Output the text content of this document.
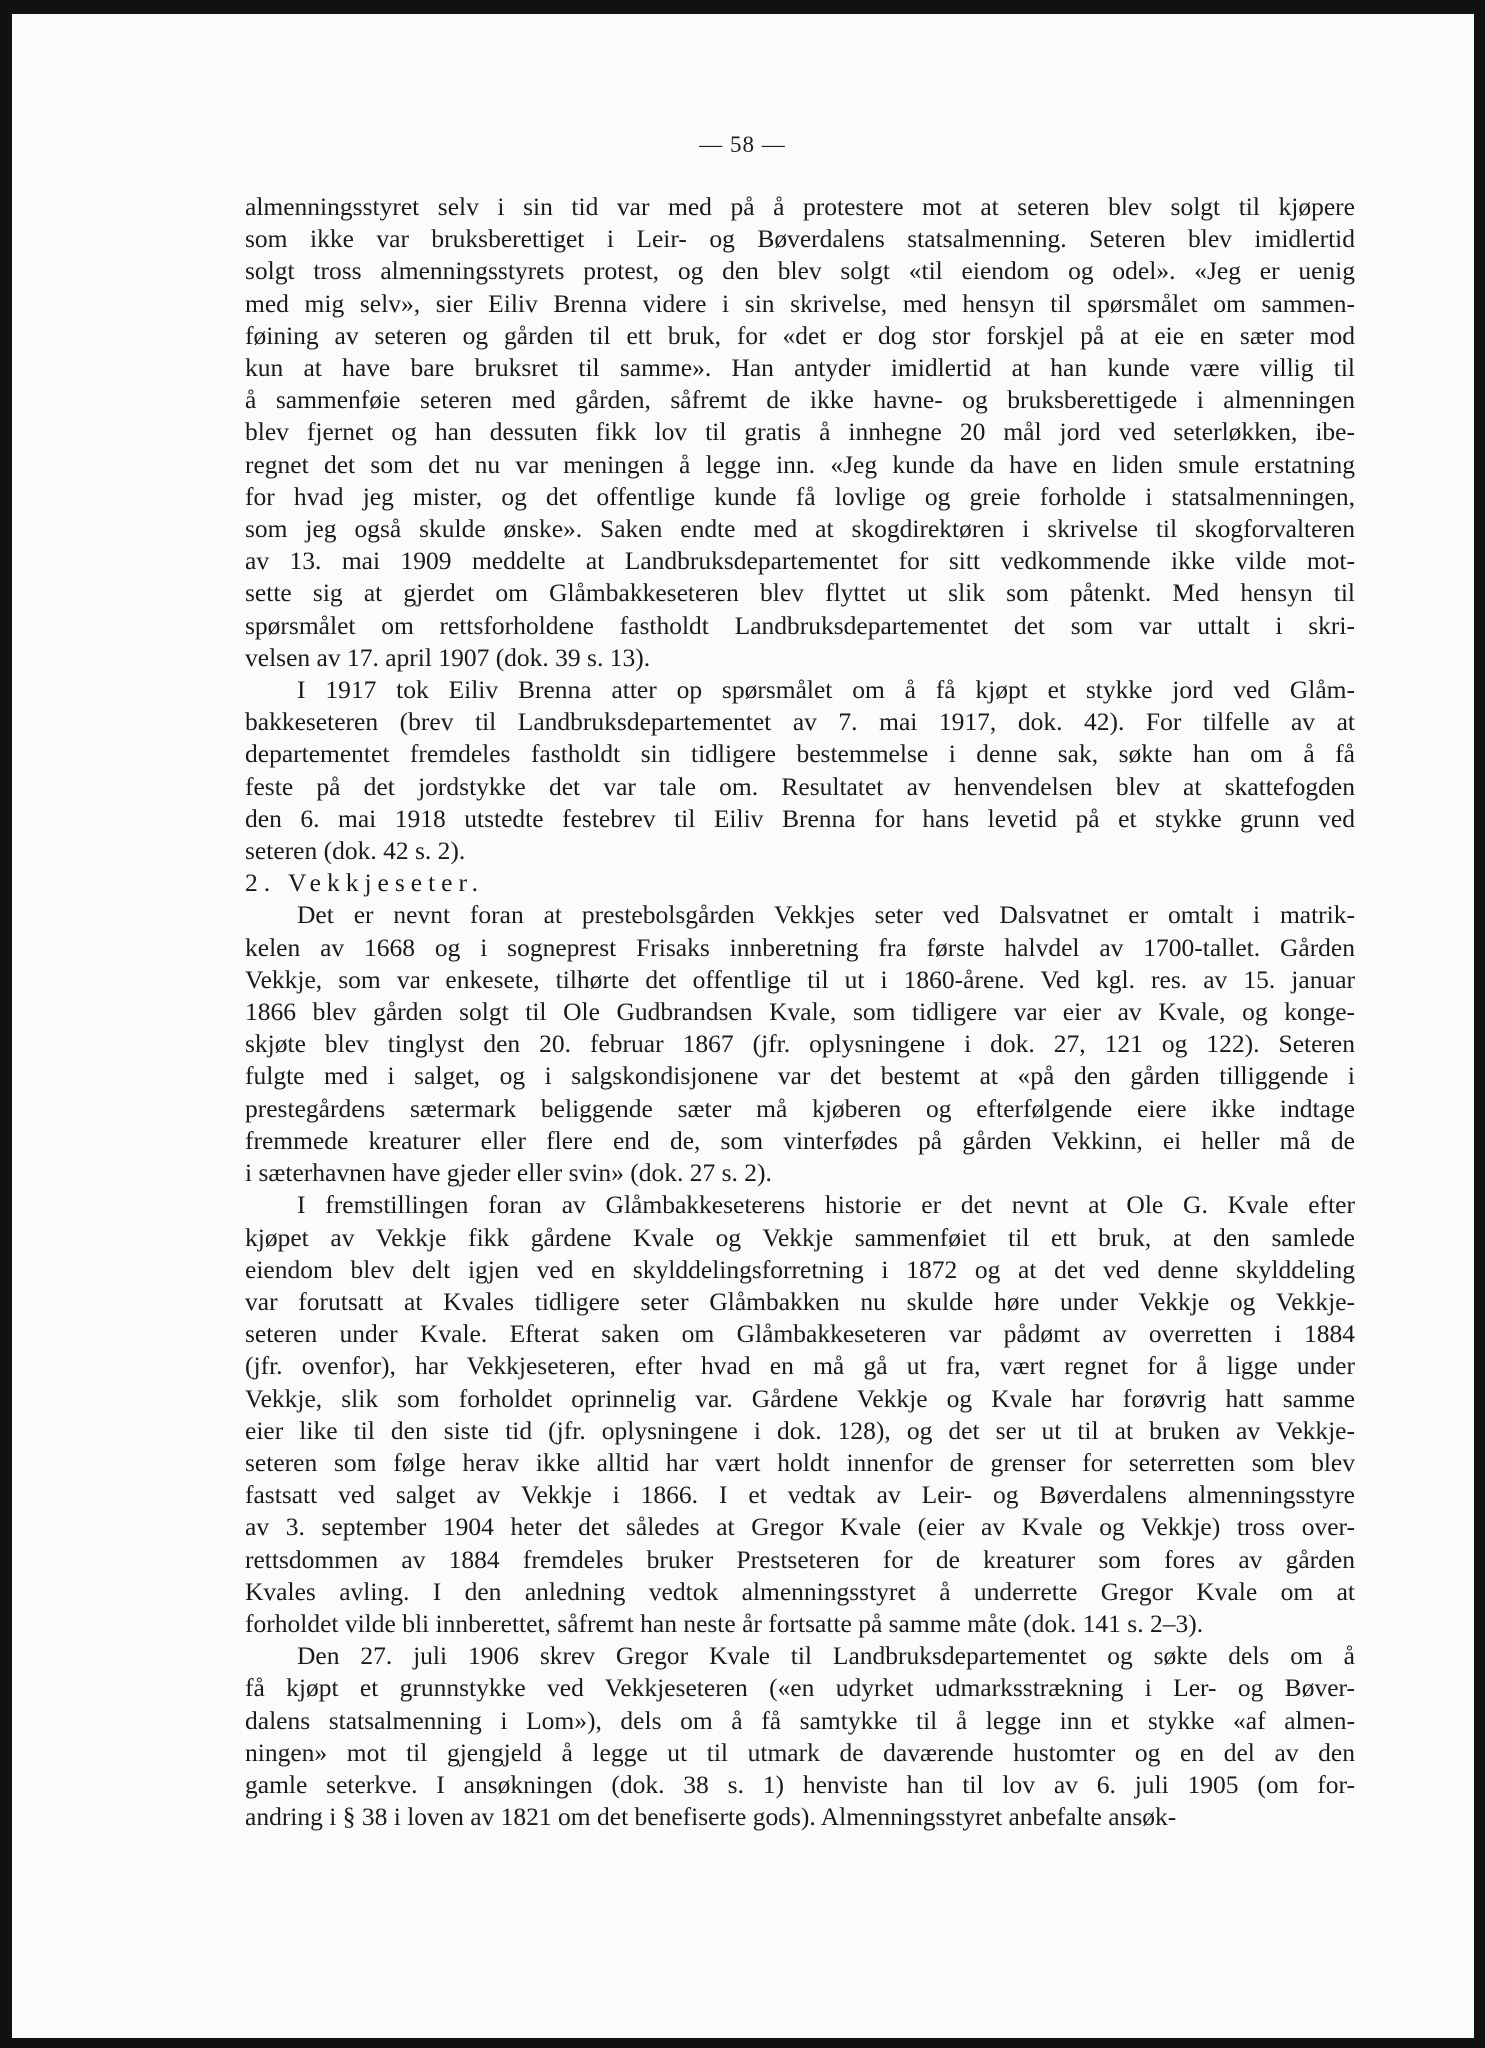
— 58 —

almenningsstyret selv i sin tid var med på å protestere mot at seteren blev solgt til kjøpere
som ikke var bruksberettiget i Leir- og Bøverdalens statsalmenning. Seteren blev imidlertid
solgt tross almenningsstyrets protest, og den blev solgt «til eiendom og odel». «Jeg er uenig
med mig selv», sier Eiliv Brenna videre i sin skrivelse, med hensyn til spørsmålet om sammen-
føining av seteren og gården til ett bruk, for «det er dog stor forskjel på at eie en sæter mod
kun at have bare bruksret til samme». Han antyder imidlertid at han kunde være villig til
å sammenføie seteren med gården, såfremt de ikke havne- og bruksberettigede i almenningen
blev fjernet og han dessuten fikk lov til gratis å innhegne 20 mål jord ved seterløkken, ibe-
regnet det som det nu var meningen å legge inn. «Jeg kunde da have en liden smule erstatning
for hvad jeg mister, og det offentlige kunde få lovlige og greie forholde i statsalmenningen,
som jeg også skulde ønske». Saken endte med at skogdirektøren i skrivelse til skogforvalteren
av 13. mai 1909 meddelte at Landbruksdepartementet for sitt vedkommende ikke vilde mot-
sette sig at gjerdet om Glåmbakkeseteren blev flyttet ut slik som påtenkt. Med hensyn til
spørsmålet om rettsforholdene fastholdt Landbruksdepartementet det som var uttalt i skri-
velsen av 17. april 1907 (dok. 39 s. 13).

I 1917 tok Eiliv Brenna atter op spørsmålet om å få kjøpt et stykke jord ved Glåm-
bakkeseteren (brev til Landbruksdepartementet av 7. mai 1917, dok. 42). For tilfelle av at
departementet fremdeles fastholdt sin tidligere bestemmelse i denne sak, søkte han om å få
feste på det jordstykke det var tale om. Resultatet av henvendelsen blev at skattefogden
den 6. mai 1918 utstedte festebrev til Eiliv Brenna for hans levetid på et stykke grunn ved
seteren (dok. 42 s. 2).

2. Vekkjeseter.

Det er nevnt foran at prestebolsgården Vekkjes seter ved Dalsvatnet er omtalt i matrik-
kelen av 1668 og i sogneprest Frisaks innberetning fra første halvdel av 1700-tallet. Gården
Vekkje, som var enkesete, tilhørte det offentlige til ut i 1860-årene. Ved kgl. res. av 15. januar
1866 blev gården solgt til Ole Gudbrandsen Kvale, som tidligere var eier av Kvale, og konge-
skjøte blev tinglyst den 20. februar 1867 (jfr. oplysningene i dok. 27, 121 og 122). Seteren
fulgte med i salget, og i salgskondisjonene var det bestemt at «på den gården tilliggende i
prestegårdens sætermark beliggende sæter må kjøberen og efterfølgende eiere ikke indtage
fremmede kreaturer eller flere end de, som vinterfødes på gården Vekkinn, ei heller må de
i sæterhavnen have gjeder eller svin» (dok. 27 s. 2).

I fremstillingen foran av Glåmbakkeseterens historie er det nevnt at Ole G. Kvale efter
kjøpet av Vekkje fikk gårdene Kvale og Vekkje sammenføiet til ett bruk, at den samlede
eiendom blev delt igjen ved en skylddelingsforretning i 1872 og at det ved denne skylddeling
var forutsatt at Kvales tidligere seter Glåmbakken nu skulde høre under Vekkje og Vekkje-
seteren under Kvale. Efterat saken om Glåmbakkeseteren var pådømt av overretten i 1884
(jfr. ovenfor), har Vekkjeseteren, efter hvad en må gå ut fra, vært regnet for å ligge under
Vekkje, slik som forholdet oprinnelig var. Gårdene Vekkje og Kvale har forøvrig hatt samme
eier like til den siste tid (jfr. oplysningene i dok. 128), og det ser ut til at bruken av Vekkje-
seteren som følge herav ikke alltid har vært holdt innenfor de grenser for seterretten som blev
fastsatt ved salget av Vekkje i 1866. I et vedtak av Leir- og Bøverdalens almenningsstyre
av 3. september 1904 heter det således at Gregor Kvale (eier av Kvale og Vekkje) tross over-
rettsdommen av 1884 fremdeles bruker Prestseteren for de kreaturer som fores av gården
Kvales avling. I den anledning vedtok almenningsstyret å underrette Gregor Kvale om at
forholdet vilde bli innberettet, såfremt han neste år fortsatte på samme måte (dok. 141 s. 2–3).

Den 27. juli 1906 skrev Gregor Kvale til Landbruksdepartementet og søkte dels om å
få kjøpt et grunnstykke ved Vekkjeseteren («en udyrket udmarksstrækning i Ler- og Bøver-
dalens statsalmenning i Lom»), dels om å få samtykke til å legge inn et stykke «af almen-
ningen» mot til gjengjeld å legge ut til utmark de daværende hustomter og en del av den
gamle seterkve. I ansøkningen (dok. 38 s. 1) henviste han til lov av 6. juli 1905 (om for-
andring i § 38 i loven av 1821 om det benefiserte gods). Almenningsstyret anbefalte ansøk-
